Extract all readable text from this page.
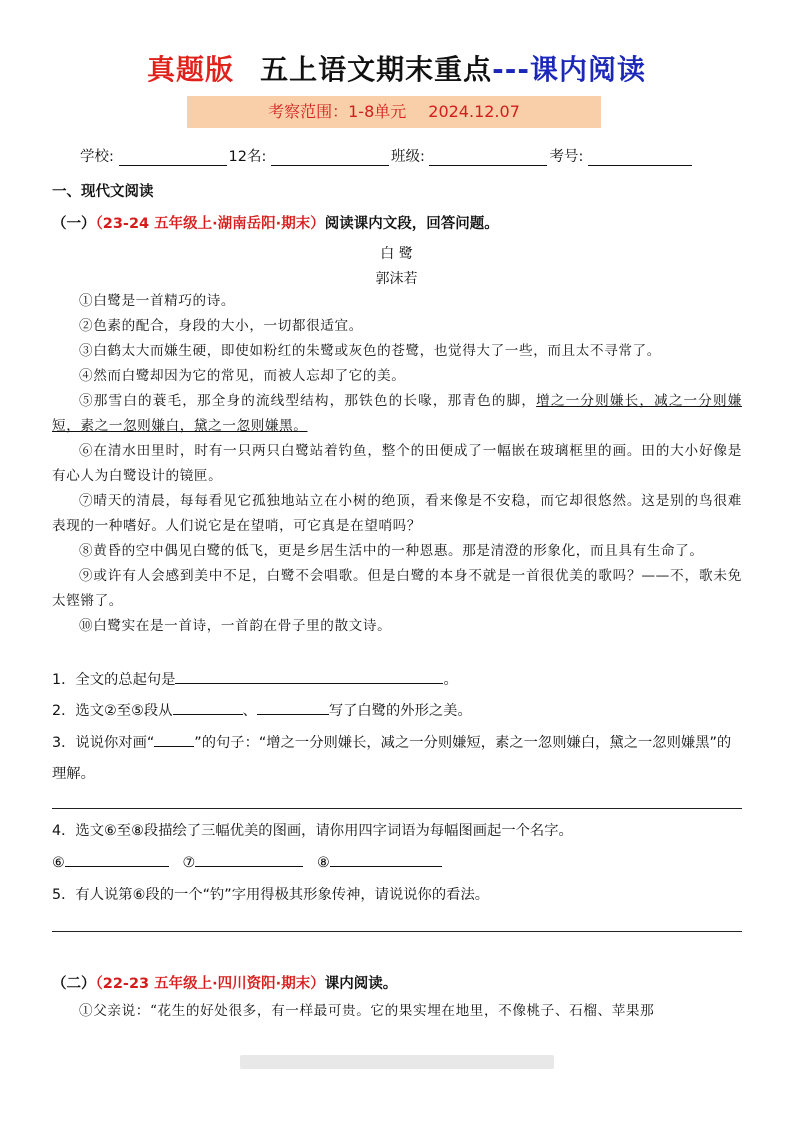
真题版 五上语文期末重点---课内阅读
考察范围：1-8单元 2024.12.07
学校:	12名:	班级:	考号:
一、现代文阅读
（一）（23-24 五年级上·湖南岳阳·期末）阅读课内文段，回答问题。
白 鹭
郭沫若

①白鹭是一首精巧的诗。

②色素的配合，身段的大小，一切都很适宜。

③白鹤太大而嫌生硬，即使如粉红的朱鹭或灰色的苍鹭，也觉得大了一些，而且太不寻常了。

④然而白鹭却因为它的常见，而被人忘却了它的美。

⑤那雪白的蓑毛，那全身的流线型结构，那铁色的长喙，那青色的脚，增之一分则嫌长，减之一分则嫌短，素之一忽则嫌白，黛之一忽则嫌黑。

⑥在清水田里时，时有一只两只白鹭站着钓鱼，整个的田便成了一幅嵌在玻璃框里的画。田的大小好像是有心人为白鹭设计的镜匣。

⑦晴天的清晨，每每看见它孤独地站立在小树的绝顶，看来像是不安稳，而它却很悠然。这是别的鸟很难表现的一种嗜好。人们说它是在望哨，可它真是在望哨吗？

⑧黄昏的空中偶见白鹭的低飞，更是乡居生活中的一种恩惠。那是清澄的形象化，而且具有生命了。

⑨或许有人会感到美中不足，白鹭不会唱歌。但是白鹭的本身不就是一首很优美的歌吗？——不，歌未免太铿锵了。

⑩白鹭实在是一首诗，一首韵在骨子里的散文诗。

1．全文的总起句是	。
2．选文②至⑤段从	、	写了白鹭的外形之美。
3．说说你对画“	”的句子：“增之一分则嫌长，减之一分则嫌短，素之一忽则嫌白，黛之一忽则嫌黑”的理解。
4．选文⑥至⑧段描绘了三幅优美的图画，请你用四字词语为每幅图画起一个名字。
⑥	⑦	⑧
5．有人说第⑥段的一个“钓”字用得极其形象传神，请说说你的看法。
（二）（22-23 五年级上·四川资阳·期末）课内阅读。

①父亲说：“花生的好处很多，有一样最可贵。它的果实埋在地里，不像桃子、石榴、苹果那
